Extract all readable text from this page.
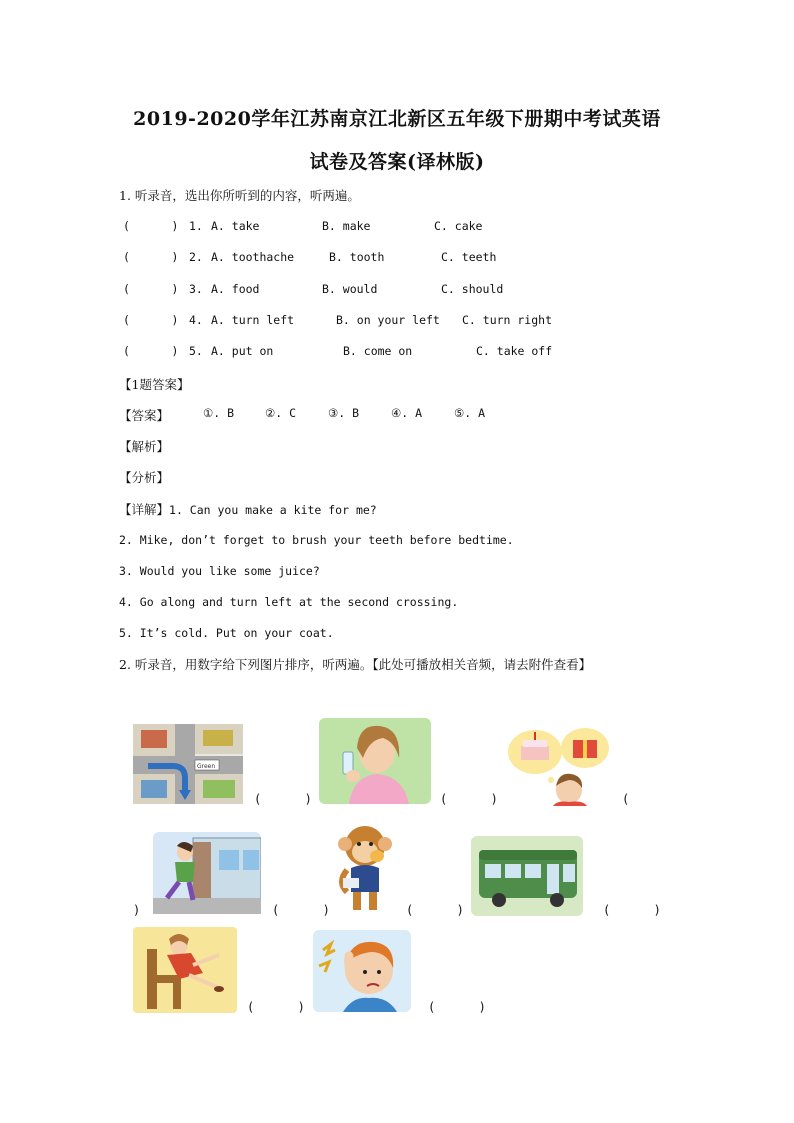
2019-2020学年江苏南京江北新区五年级下册期中考试英语
试卷及答案(译林版)
1. 听录音，选出你所听到的内容，听两遍。

(      )

1.

A. take

	B. make

	C. cake

(      )

2.

A. toothache

	B. tooth

	C. teeth

(      )

3.

A. food

	B. would

	C. should

(      )

4.

A. turn left

	B. on your left

C. turn right

(      )

5.

A. put on

	B. come on

	C. take off

【1题答案】

【答案】

	①. B

	②. C

	③. B

	④. A

	⑤. A

【解析】
【分析】
【详解】1. Can you make a kite for me?
2. Mike, don’t forget to brush your teeth before bedtime.
3. Would you like some juice?
4. Go along and turn left at the second crossing.
5. It’s cold. Put on your coat.
2. 听录音，用数字给下列图片排序，听两遍。【此处可播放相关音频，请去附件查看】
Green
(      )	(      )	(
)	(      )	(      )	(      )
(      )	(      )
